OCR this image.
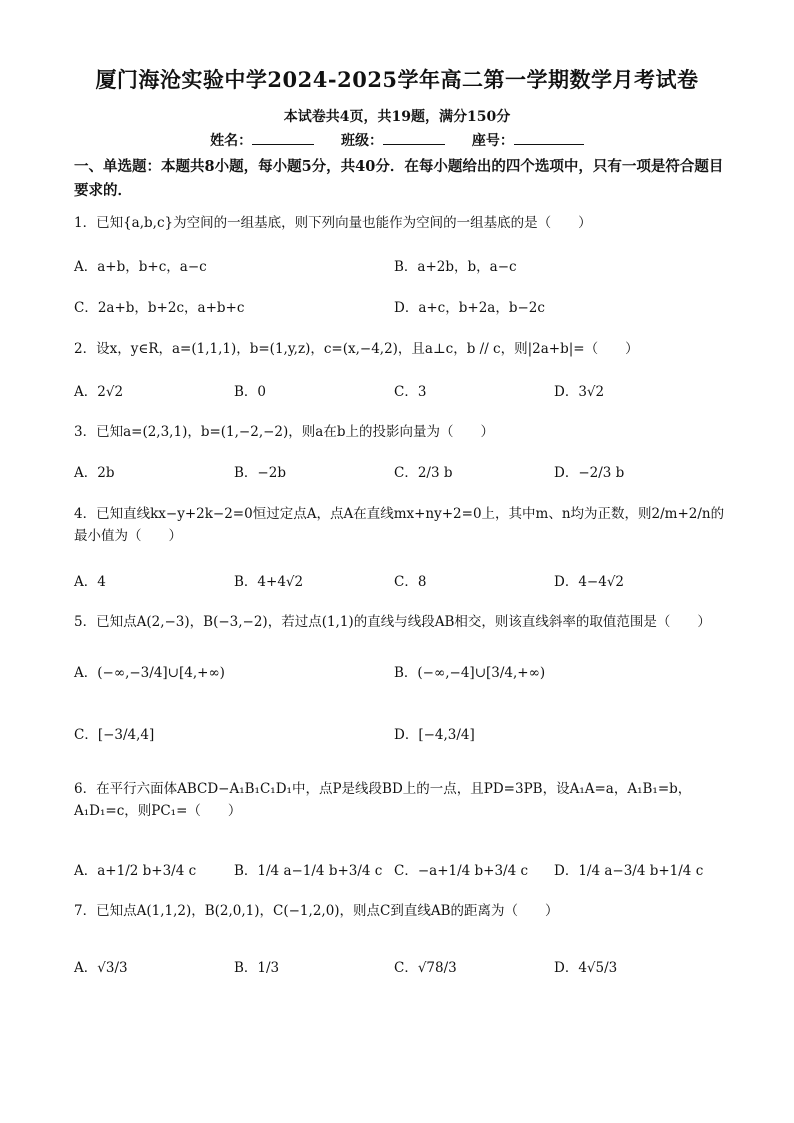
厦门海沧实验中学2024-2025学年高二第一学期数学月考试卷
本试卷共4页，共19题，满分150分
姓名：	班级：	座号：
一、单选题：本题共8小题，每小题5分，共40分．在每小题给出的四个选项中，只有一项是符合题目要求的．
1．已知{a,b,c}为空间的一组基底，则下列向量也能作为空间的一组基底的是（　　）
A．a+b，b+c，a−c	B．a+2b，b，a−c
C．2a+b，b+2c，a+b+c	D．a+c，b+2a，b−2c
2．设x，y∈R，a=(1,1,1)，b=(1,y,z)，c=(x,−4,2)，且a⊥c，b // c，则|2a+b|=（　　）
A．2√2	B．0	C．3	D．3√2
3．已知a=(2,3,1)，b=(1,−2,−2)，则a在b上的投影向量为（　　）
A．2b	B．−2b	C．2/3 b	D．−2/3 b
4．已知直线kx−y+2k−2=0恒过定点A，点A在直线mx+ny+2=0上，其中m、n均为正数，则2/m+2/n的最小值为（　　）
A．4	B．4+4√2	C．8	D．4−4√2
5．已知点A(2,−3)，B(−3,−2)，若过点(1,1)的直线与线段AB相交，则该直线斜率的取值范围是（　　）
A．(−∞,−3/4]∪[4,+∞)	B．(−∞,−4]∪[3/4,+∞)
C．[−3/4,4]	D．[−4,3/4]
6．在平行六面体ABCD−A₁B₁C₁D₁中，点P是线段BD上的一点，且PD=3PB，设A₁A=a，A₁B₁=b，A₁D₁=c，则PC₁=（　　）
A．a+1/2 b+3/4 c	B．1/4 a−1/4 b+3/4 c C．−a+1/4 b+3/4 c D．1/4 a−3/4 b+1/4 c
7．已知点A(1,1,2)，B(2,0,1)，C(−1,2,0)，则点C到直线AB的距离为（　　）
A．√3/3	B．1/3	C．√78/3	D．4√5/3
